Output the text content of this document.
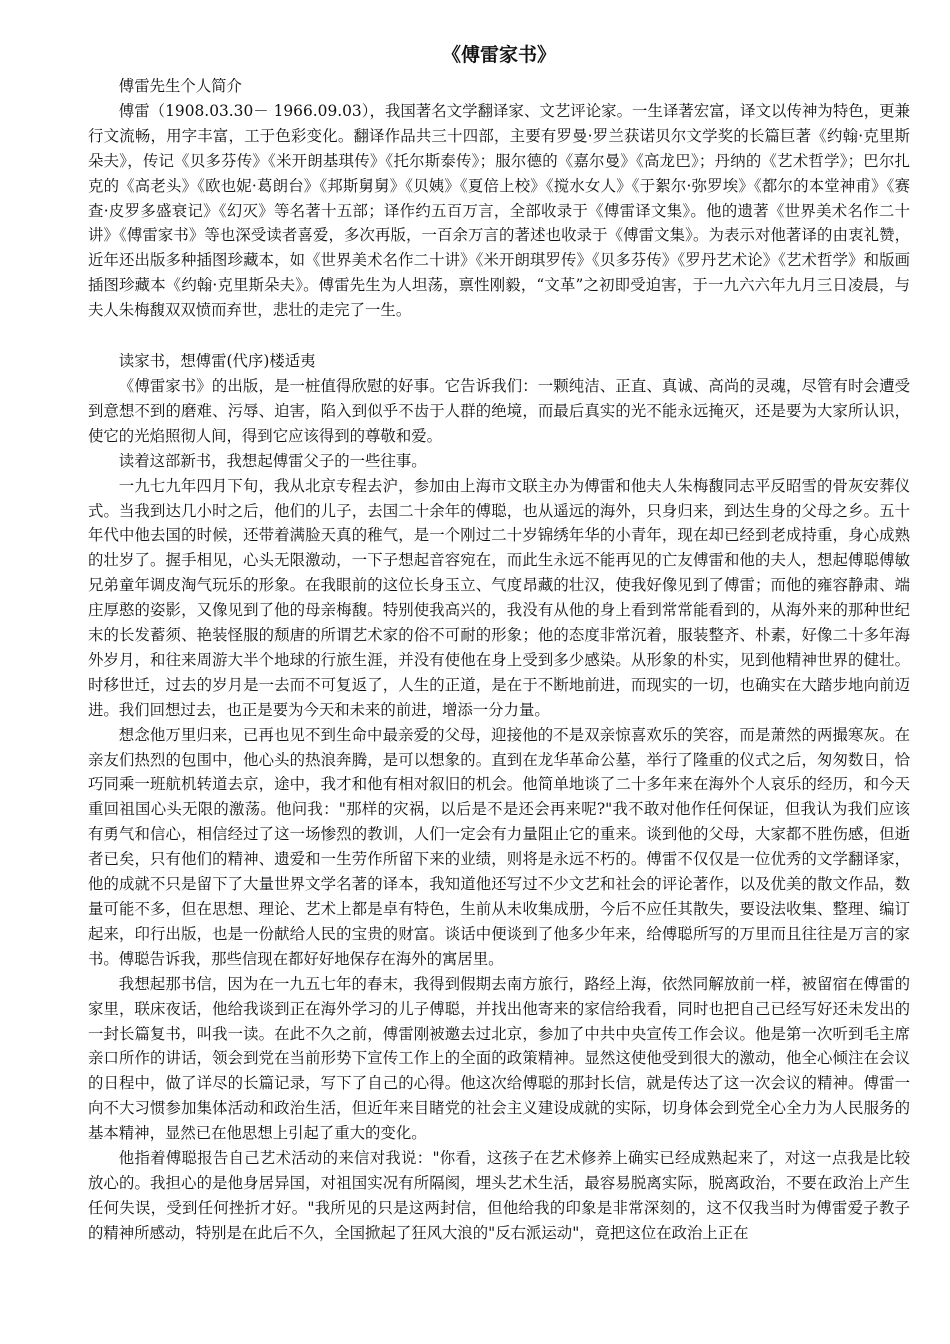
《傅雷家书》

傅雷先生个人简介

傅雷（1908.03.30－ 1966.09.03），我国著名文学翻译家、文艺评论家。一生译著宏富，译文以传神为特色，更兼行文流畅，用字丰富，工于色彩变化。翻译作品共三十四部，主要有罗曼·罗兰获诺贝尔文学奖的长篇巨著《约翰·克里斯朵夫》，传记《贝多芬传》《米开朗基琪传》《托尔斯泰传》；服尔德的《嘉尔曼》《高龙巴》；丹纳的《艺术哲学》；巴尔扎克的《高老头》《欧也妮·葛朗台》《邦斯舅舅》《贝姨》《夏倍上校》《搅水女人》《于絮尔·弥罗埃》《都尔的本堂神甫》《赛查·皮罗多盛衰记》《幻灭》等名著十五部；译作约五百万言，全部收录于《傅雷译文集》。他的遗著《世界美术名作二十讲》《傅雷家书》等也深受读者喜爱，多次再版，一百余万言的著述也收录于《傅雷文集》。为表示对他著译的由衷礼赞，近年还出版多种插图珍藏本，如《世界美术名作二十讲》《米开朗琪罗传》《贝多芬传》《罗丹艺术论》《艺术哲学》和版画插图珍藏本《约翰·克里斯朵夫》。傅雷先生为人坦荡，禀性刚毅，“文革”之初即受迫害，于一九六六年九月三日凌晨，与夫人朱梅馥双双愤而弃世，悲壮的走完了一生。

读家书，想傅雷(代序)楼适夷

《傅雷家书》的出版，是一桩值得欣慰的好事。它告诉我们：一颗纯洁、正直、真诚、高尚的灵魂，尽管有时会遭受到意想不到的磨难、污辱、迫害，陷入到似乎不齿于人群的绝境，而最后真实的光不能永远掩灭，还是要为大家所认识，使它的光焰照彻人间，得到它应该得到的尊敬和爱。

读着这部新书，我想起傅雷父子的一些往事。

一九七九年四月下旬，我从北京专程去沪，参加由上海市文联主办为傅雷和他夫人朱梅馥同志平反昭雪的骨灰安葬仪式。当我到达几小时之后，他们的儿子，去国二十余年的傅聪，也从遥远的海外，只身归来，到达生身的父母之乡。五十年代中他去国的时候，还带着满脸天真的稚气，是一个刚过二十岁锦绣年华的小青年，现在却已经到老成持重，身心成熟的壮岁了。握手相见，心头无限激动，一下子想起音容宛在，而此生永远不能再见的亡友傅雷和他的夫人，想起傅聪傅敏兄弟童年调皮淘气玩乐的形象。在我眼前的这位长身玉立、气度昂藏的壮汉，使我好像见到了傅雷；而他的雍容静肃、端庄厚憨的姿影，又像见到了他的母亲梅馥。特别使我高兴的，我没有从他的身上看到常常能看到的，从海外来的那种世纪末的长发蓄须、艳装怪服的颓唐的所谓艺术家的俗不可耐的形象；他的态度非常沉着，服装整齐、朴素，好像二十多年海外岁月，和往来周游大半个地球的行旅生涯，并没有使他在身上受到多少感染。从形象的朴实，见到他精神世界的健壮。时移世迁，过去的岁月是一去而不可复返了，人生的正道，是在于不断地前进，而现实的一切，也确实在大踏步地向前迈进。我们回想过去，也正是要为今天和未来的前进，增添一分力量。

想念他万里归来，已再也见不到生命中最亲爱的父母，迎接他的不是双亲惊喜欢乐的笑容，而是萧然的两撮寒灰。在亲友们热烈的包围中，他心头的热浪奔腾，是可以想象的。直到在龙华革命公墓，举行了隆重的仪式之后，匆匆数日，恰巧同乘一班航机转道去京，途中，我才和他有相对叙旧的机会。他简单地谈了二十多年来在海外个人哀乐的经历，和今天重回祖国心头无限的激荡。他问我："那样的灾祸，以后是不是还会再来呢?"我不敢对他作任何保证，但我认为我们应该有勇气和信心，相信经过了这一场惨烈的教训，人们一定会有力量阻止它的重来。谈到他的父母，大家都不胜伤感，但逝者已矣，只有他们的精神、遗爱和一生劳作所留下来的业绩，则将是永远不朽的。傅雷不仅仅是一位优秀的文学翻译家，他的成就不只是留下了大量世界文学名著的译本，我知道他还写过不少文艺和社会的评论著作，以及优美的散文作品，数量可能不多，但在思想、理论、艺术上都是卓有特色，生前从未收集成册，今后不应任其散失，要设法收集、整理、编订起来，印行出版，也是一份献给人民的宝贵的财富。谈话中便谈到了他多少年来，给傅聪所写的万里而且往往是万言的家书。傅聪告诉我，那些信现在都好好地保存在海外的寓居里。

我想起那书信，因为在一九五七年的春末，我得到假期去南方旅行，路经上海，依然同解放前一样，被留宿在傅雷的家里，联床夜话，他给我谈到正在海外学习的儿子傅聪，并找出他寄来的家信给我看，同时也把自己已经写好还未发出的一封长篇复书，叫我一读。在此不久之前，傅雷刚被邀去过北京，参加了中共中央宣传工作会议。他是第一次听到毛主席亲口所作的讲话，领会到党在当前形势下宣传工作上的全面的政策精神。显然这使他受到很大的激动，他全心倾注在会议的日程中，做了详尽的长篇记录，写下了自己的心得。他这次给傅聪的那封长信，就是传达了这一次会议的精神。傅雷一向不大习惯参加集体活动和政治生活，但近年来目睹党的社会主义建设成就的实际，切身体会到党全心全力为人民服务的基本精神，显然已在他思想上引起了重大的变化。

他指着傅聪报告自己艺术活动的来信对我说："你看，这孩子在艺术修养上确实已经成熟起来了，对这一点我是比较放心的。我担心的是他身居异国，对祖国实况有所隔阂，埋头艺术生活，最容易脱离实际，脱离政治，不要在政治上产生任何失误，受到任何挫折才好。"我所见的只是这两封信，但他给我的印象是非常深刻的，这不仅我当时为傅雷爱子教子的精神所感动，特别是在此后不久，全国掀起了狂风大浪的"反右派运动"，竟把这位在政治上正在
